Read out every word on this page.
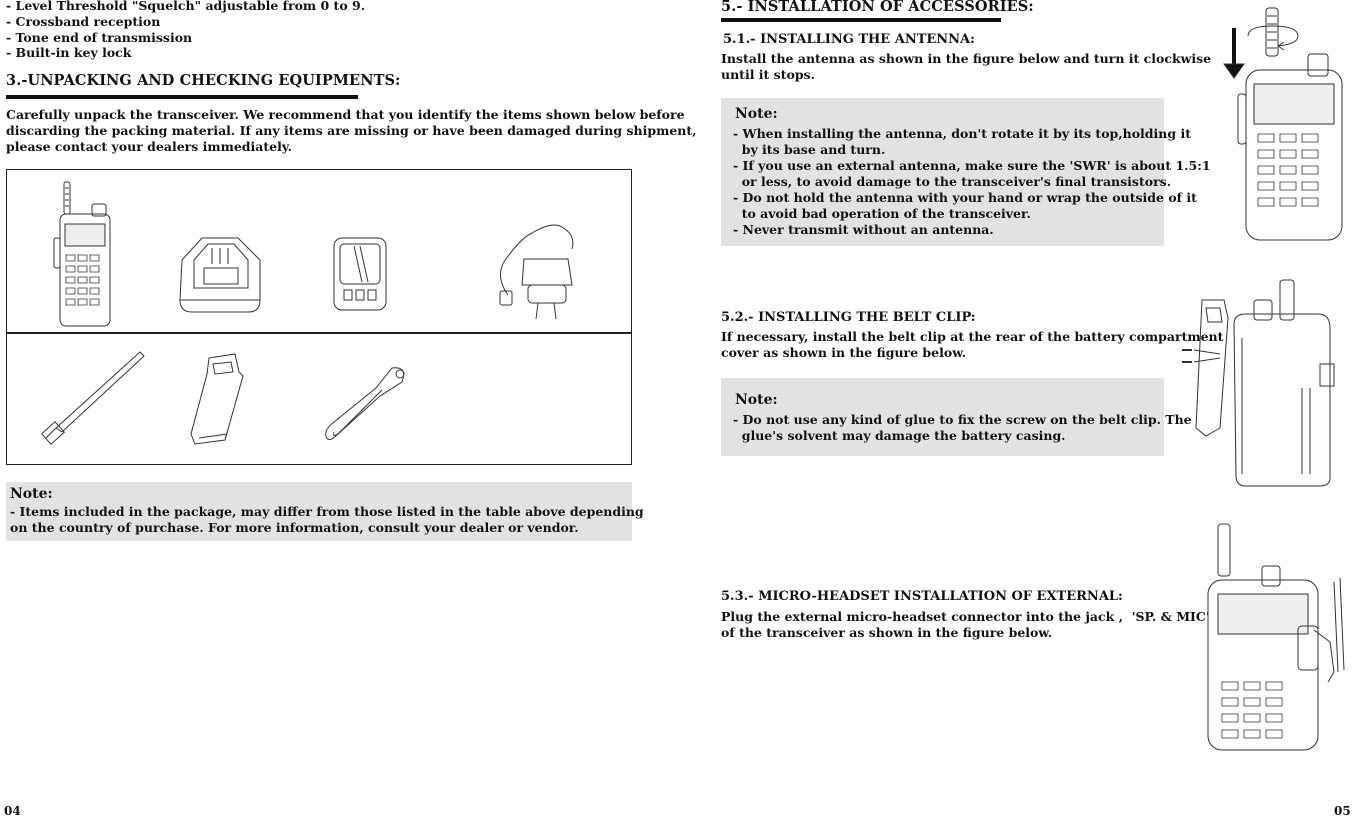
- Level Threshold "Squelch" adjustable from 0 to 9.

- Crossband reception

- Tone end of transmission

- Built-in key lock

3.-UNPACKING AND CHECKING EQUIPMENTS:

Carefully unpack the transceiver. We recommend that you identify the items shown below before

discarding the packing material. If any items are missing or have been damaged during shipment,

please contact your dealers immediately.

Note:

- Items included in the package, may differ from those listed in the table above depending

on the country of purchase. For more information, consult your dealer or vendor.

04

5.- INSTALLATION OF ACCESSORIES:

5.1.- INSTALLING THE ANTENNA:

Install the antenna as shown in the figure below and turn it clockwise

until it stops.

Note:

- When installing the antenna, don't rotate it by its top,holding it

by its base and turn.

- If you use an external antenna, make sure the 'SWR' is about 1.5:1

or less, to avoid damage to the transceiver's final transistors.

- Do not hold the antenna with your hand or wrap the outside of it

to avoid bad operation of the transceiver.

- Never transmit without an antenna.

5.2.- INSTALLING THE BELT CLIP:

If necessary, install the belt clip at the rear of the battery compartment

cover as shown in the figure below.

Note:

- Do not use any kind of glue to fix the screw on the belt clip. The

glue's solvent may damage the battery casing.

5.3.- MICRO-HEADSET INSTALLATION OF EXTERNAL:

Plug the external micro-headset connector into the jack ,  'SP. & MIC'

of the transceiver as shown in the figure below.

05
